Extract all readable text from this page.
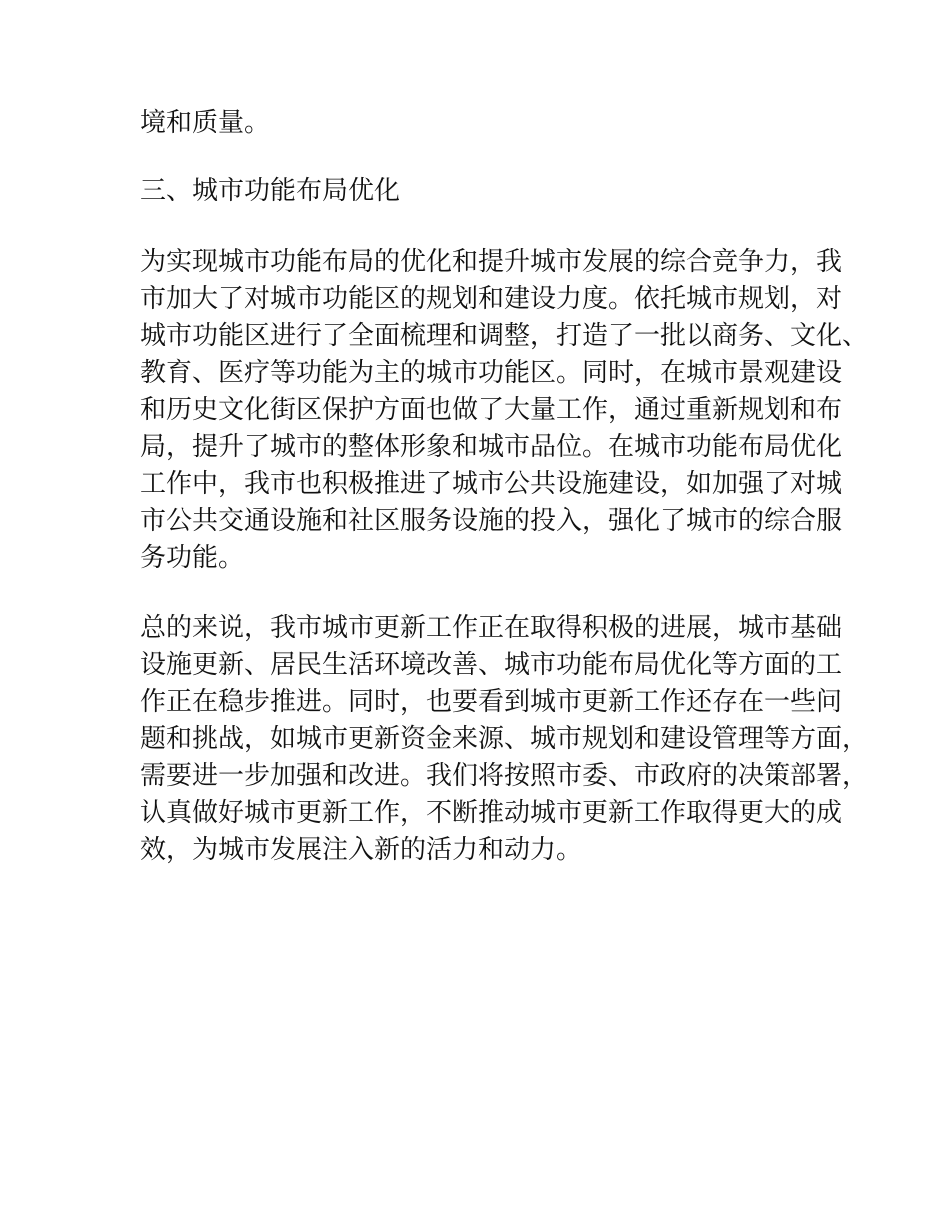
境和质量。
三、城市功能布局优化
为实现城市功能布局的优化和提升城市发展的综合竞争力，我
市加大了对城市功能区的规划和建设力度。依托城市规划，对
城市功能区进行了全面梳理和调整，打造了一批以商务、文化、
教育、医疗等功能为主的城市功能区。同时，在城市景观建设
和历史文化街区保护方面也做了大量工作，通过重新规划和布
局，提升了城市的整体形象和城市品位。在城市功能布局优化
工作中，我市也积极推进了城市公共设施建设，如加强了对城
市公共交通设施和社区服务设施的投入，强化了城市的综合服
务功能。
总的来说，我市城市更新工作正在取得积极的进展，城市基础
设施更新、居民生活环境改善、城市功能布局优化等方面的工
作正在稳步推进。同时，也要看到城市更新工作还存在一些问
题和挑战，如城市更新资金来源、城市规划和建设管理等方面，
需要进一步加强和改进。我们将按照市委、市政府的决策部署，
认真做好城市更新工作，不断推动城市更新工作取得更大的成
效，为城市发展注入新的活力和动力。
